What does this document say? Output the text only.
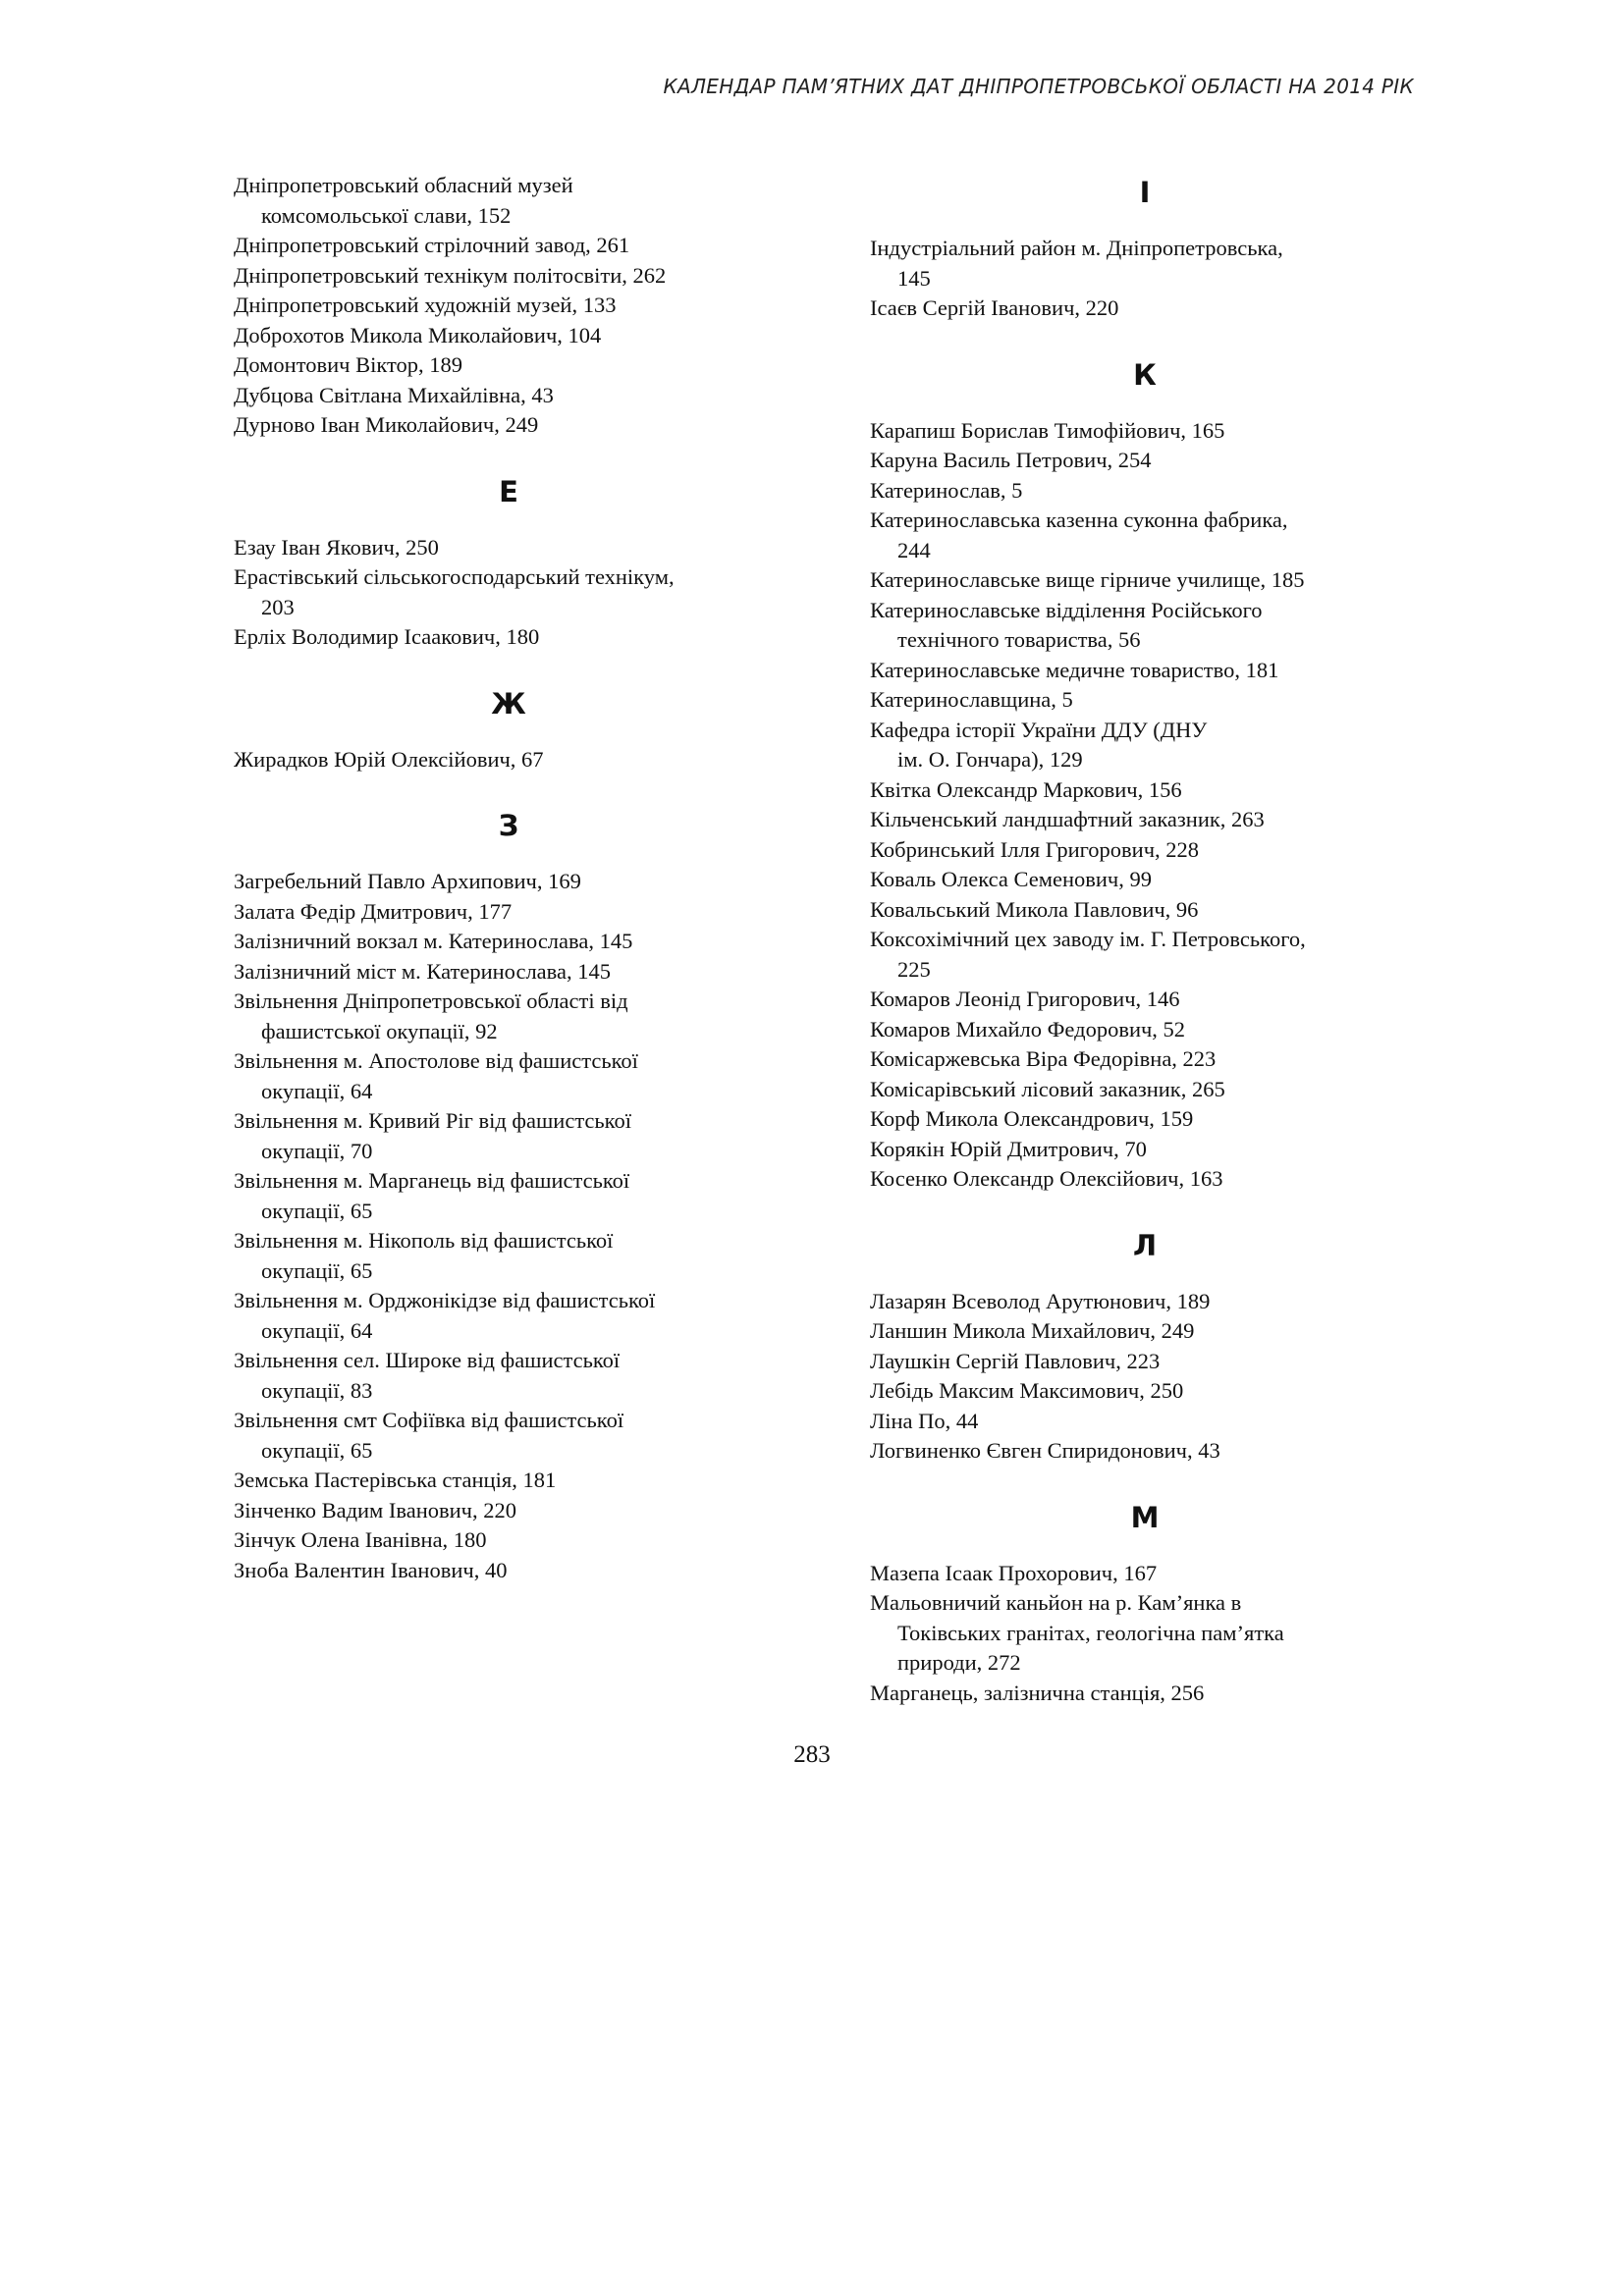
КАЛЕНДАР ПАМ’ЯТНИХ ДАТ ДНІПРОПЕТРОВСЬКОЇ ОБЛАСТІ НА 2014 РІК
Дніпропетровський обласний музей
комсомольської слави, 152
Дніпропетровський стрілочний завод, 261
Дніпропетровський технікум політосвіти, 262
Дніпропетровський художній музей, 133
Доброхотов Микола Миколайович, 104
Домонтович Віктор, 189
Дубцова Світлана Михайлівна, 43
Дурново Іван Миколайович, 249
Е
Езау Іван Якович, 250
Ерастівський сільськогосподарський технікум,
203
Ерліх Володимир Ісаакович, 180
Ж
Жирадков Юрій Олексійович, 67
З
Загребельний Павло Архипович, 169
Залата Федір Дмитрович, 177
Залізничний вокзал м. Катеринослава, 145
Залізничний міст м. Катеринослава, 145
Звільнення Дніпропетровської області від
фашистської окупації, 92
Звільнення м. Апостолове від фашистської
окупації, 64
Звільнення м. Кривий Ріг від фашистської
окупації, 70
Звільнення м. Марганець від фашистської
окупації, 65
Звільнення м. Нікополь від фашистської
окупації, 65
Звільнення м. Орджонікідзе від фашистської
окупації, 64
Звільнення сел. Широке від фашистської
окупації, 83
Звільнення смт Софіївка від фашистської
окупації, 65
Земська Пастерівська станція, 181
Зінченко Вадим Іванович, 220
Зінчук Олена Іванівна, 180
Зноба Валентин Іванович, 40
І
Індустріальний район м. Дніпропетровська,
145
Ісаєв Сергій Іванович, 220
К
Карапиш Борислав Тимофійович, 165
Каруна Василь Петрович, 254
Катеринослав, 5
Катеринославська казенна суконна фабрика,
244
Катеринославське вище гірниче училище, 185
Катеринославське відділення Російського
технічного товариства, 56
Катеринославське медичне товариство, 181
Катеринославщина, 5
Кафедра історії України ДДУ (ДНУ
ім. О. Гончара), 129
Квітка Олександр Маркович, 156
Кільченський ландшафтний заказник, 263
Кобринський Ілля Григорович, 228
Коваль Олекса Семенович, 99
Ковальський Микола Павлович, 96
Коксохімічний цех заводу ім. Г. Петровського,
225
Комаров Леонід Григорович, 146
Комаров Михайло Федорович, 52
Комісаржевська Віра Федорівна, 223
Комісарівський лісовий заказник, 265
Корф Микола Олександрович, 159
Корякін Юрій Дмитрович, 70
Косенко Олександр Олексійович, 163
Л
Лазарян Всеволод Арутюнович, 189
Ланшин Микола Михайлович, 249
Лаушкін Сергій Павлович, 223
Лебідь Максим Максимович, 250
Ліна По, 44
Логвиненко Євген Спиридонович, 43
М
Мазепа Ісаак Прохорович, 167
Мальовничий каньйон на р. Кам’янка в
Токівських гранітах, геологічна пам’ятка
природи, 272
Марганець, залізнична станція, 256
283
